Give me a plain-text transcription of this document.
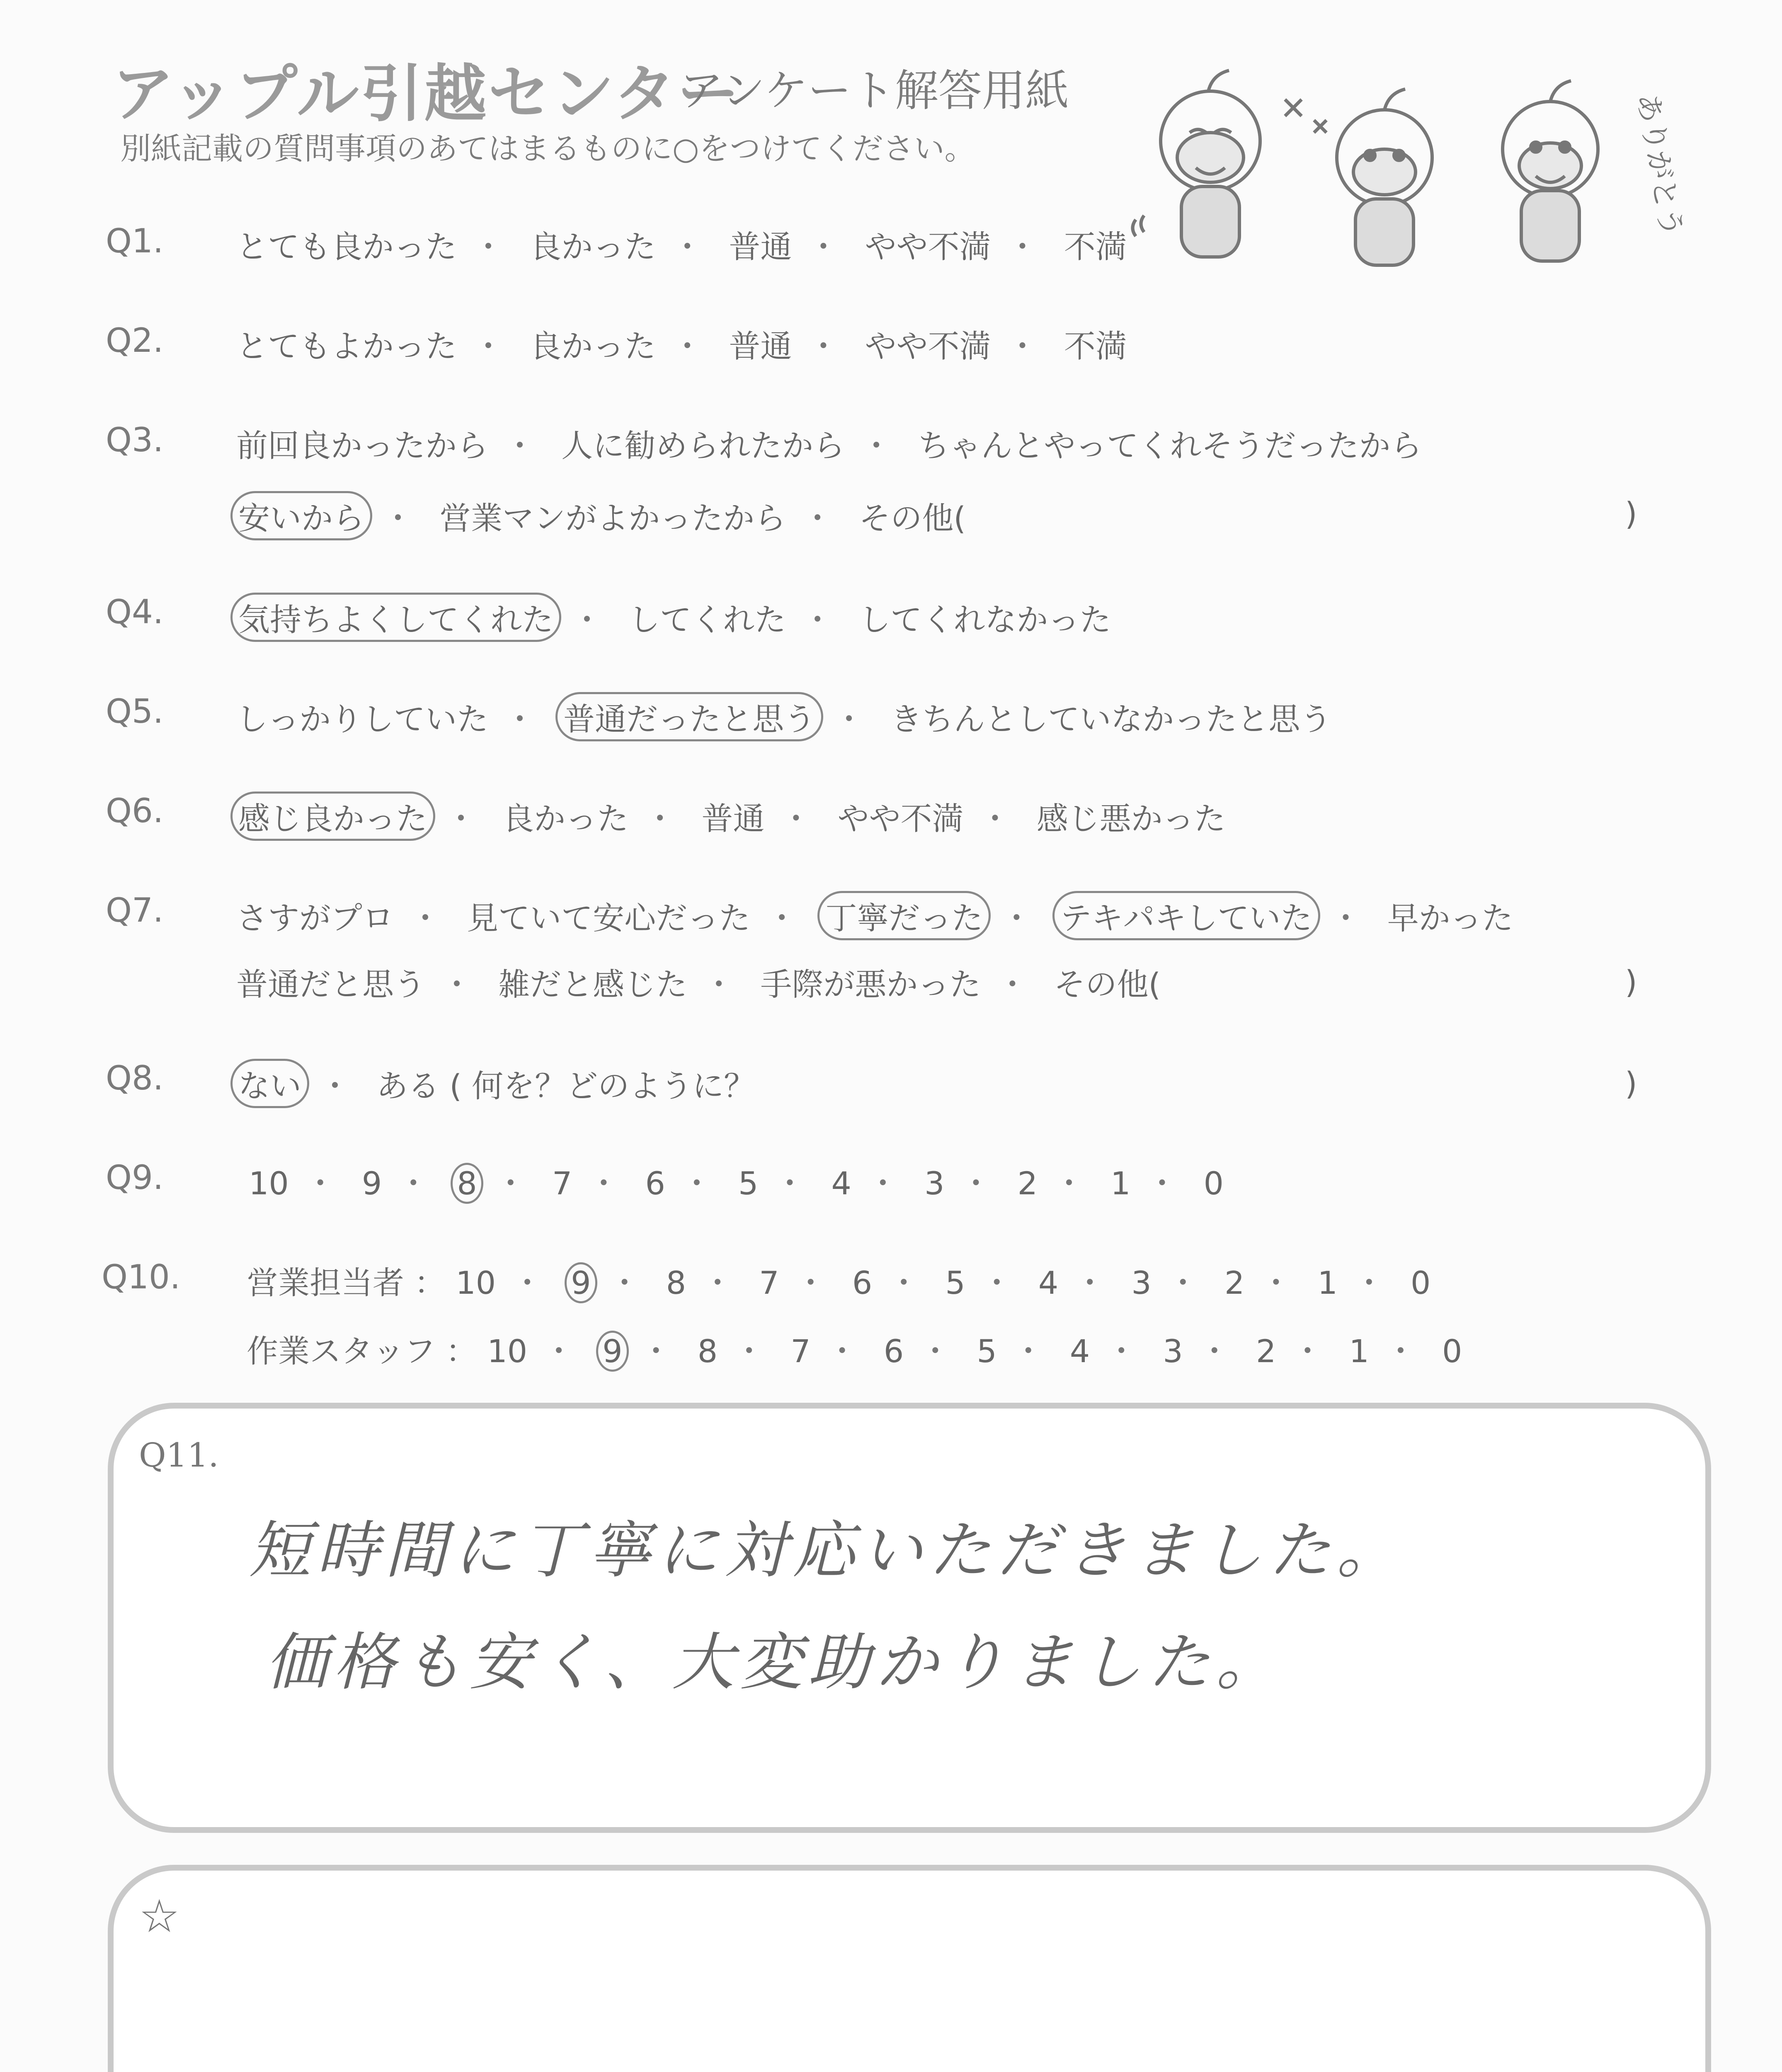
アップル引越センター
アンケート解答用紙
別紙記載の質問事項のあてはまるものに○をつけてください。	ありがとう
Q1. とても良かった ・ 良かった ・ 普通 ・ やや不満 ・ 不満
Q2. とてもよかった ・ 良かった ・ 普通 ・ やや不満 ・ 不満
Q3. 前回良かったから ・ 人に勧められたから ・ ちゃんとやってくれそうだったから
安いから ・ 営業マンがよかったから ・ その他(	)
Q4. 気持ちよくしてくれた ・ してくれた ・ してくれなかった
Q5. しっかりしていた ・ 普通だったと思う ・ きちんとしていなかったと思う
Q6. 感じ良かった ・ 良かった ・ 普通 ・ やや不満 ・ 感じ悪かった
Q7. さすがプロ ・ 見ていて安心だった ・ 丁寧だった ・ テキパキしていた ・ 早かった
普通だと思う ・ 雑だと感じた ・ 手際が悪かった ・ その他(	)
Q8. ない ・ ある ( 何を？どのように？	)
Q9.	10 ・ 9 ・ 8 ・ 7 ・ 6 ・ 5 ・ 4 ・ 3 ・ 2 ・ 1 ・ 0
Q10. 営業担当者 ： 10 ・ 9 ・ 8 ・ 7 ・ 6 ・ 5 ・ 4 ・ 3 ・ 2 ・ 1 ・ 0
作業スタッフ ： 10 ・ 9 ・ 8 ・ 7 ・ 6 ・ 5 ・ 4 ・ 3 ・ 2 ・ 1 ・ 0
Q11.
短時間に丁寧に対応いただきました。
価格も安く、大変助かりました。
☆
